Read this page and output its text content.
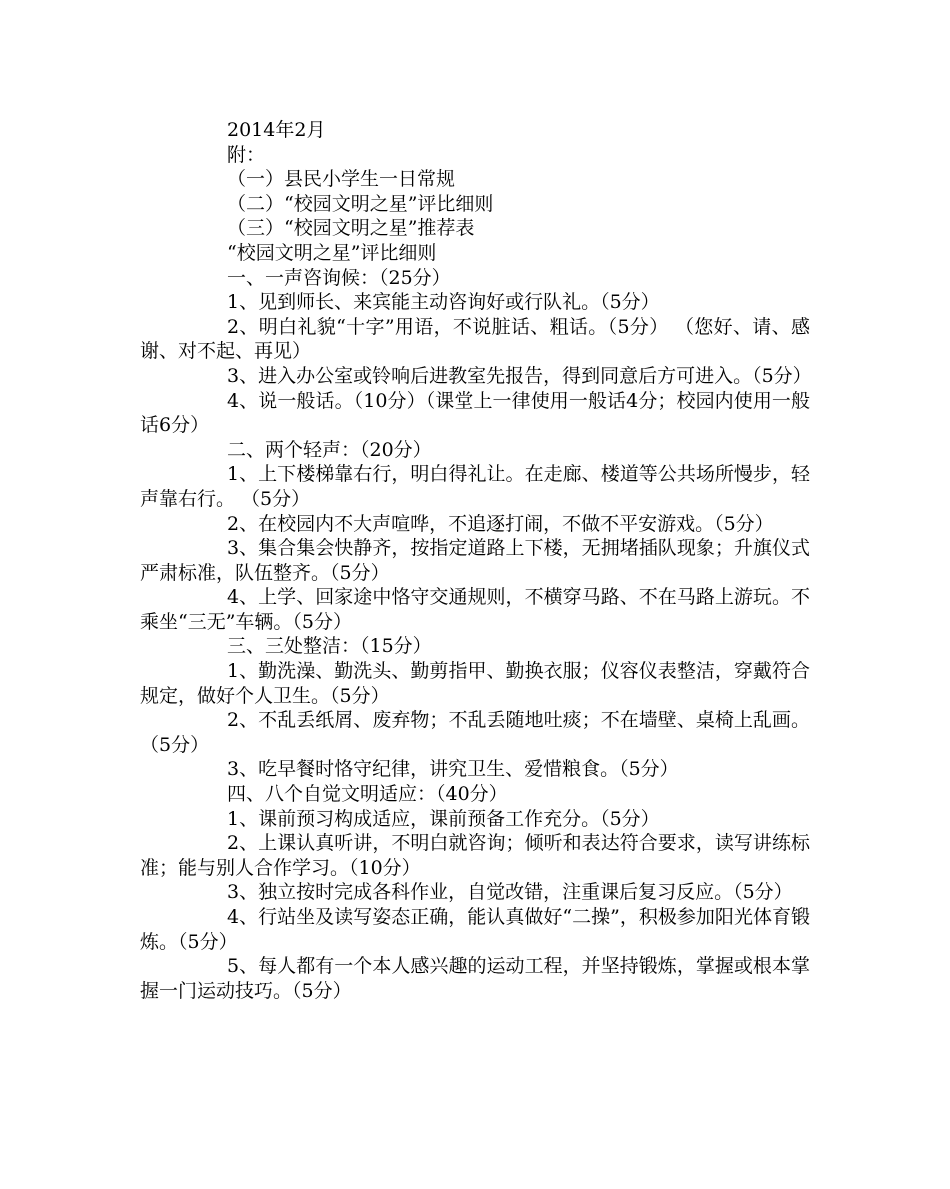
2014年2月
附：
（一）县民小学生一日常规
（二）“校园文明之星”评比细则
（三）“校园文明之星”推荐表
“校园文明之星”评比细则
一、一声咨询候：（25分）
1、见到师长、来宾能主动咨询好或行队礼。（5分）
2、明白礼貌“十字”用语，不说脏话、粗话。（5分） （您好、请、感谢、对不起、再见）
3、进入办公室或铃响后进教室先报告，得到同意后方可进入。（5分）
4、说一般话。（10分）（课堂上一律使用一般话4分；校园内使用一般话6分）
二、两个轻声：（20分）
1、上下楼梯靠右行，明白得礼让。在走廊、楼道等公共场所慢步，轻声靠右行。 （5分）
2、在校园内不大声喧哗，不追逐打闹，不做不平安游戏。（5分）
3、集合集会快静齐，按指定道路上下楼，无拥堵插队现象；升旗仪式严肃标准，队伍整齐。（5分）
4、上学、回家途中恪守交通规则，不横穿马路、不在马路上游玩。不乘坐“三无”车辆。（5分）
三、三处整洁：（15分）
1、勤洗澡、勤洗头、勤剪指甲、勤换衣服；仪容仪表整洁，穿戴符合规定，做好个人卫生。（5分）
2、不乱丢纸屑、废弃物；不乱丢随地吐痰；不在墙壁、桌椅上乱画。（5分）
3、吃早餐时恪守纪律，讲究卫生、爱惜粮食。（5分）
四、八个自觉文明适应：（40分）
1、课前预习构成适应，课前预备工作充分。（5分）
2、上课认真听讲，不明白就咨询；倾听和表达符合要求，读写讲练标准；能与别人合作学习。（10分）
3、独立按时完成各科作业，自觉改错，注重课后复习反应。（5分）
4、行站坐及读写姿态正确，能认真做好“二操”，积极参加阳光体育锻炼。（5分）
5、每人都有一个本人感兴趣的运动工程，并坚持锻炼，掌握或根本掌握一门运动技巧。（5分）
